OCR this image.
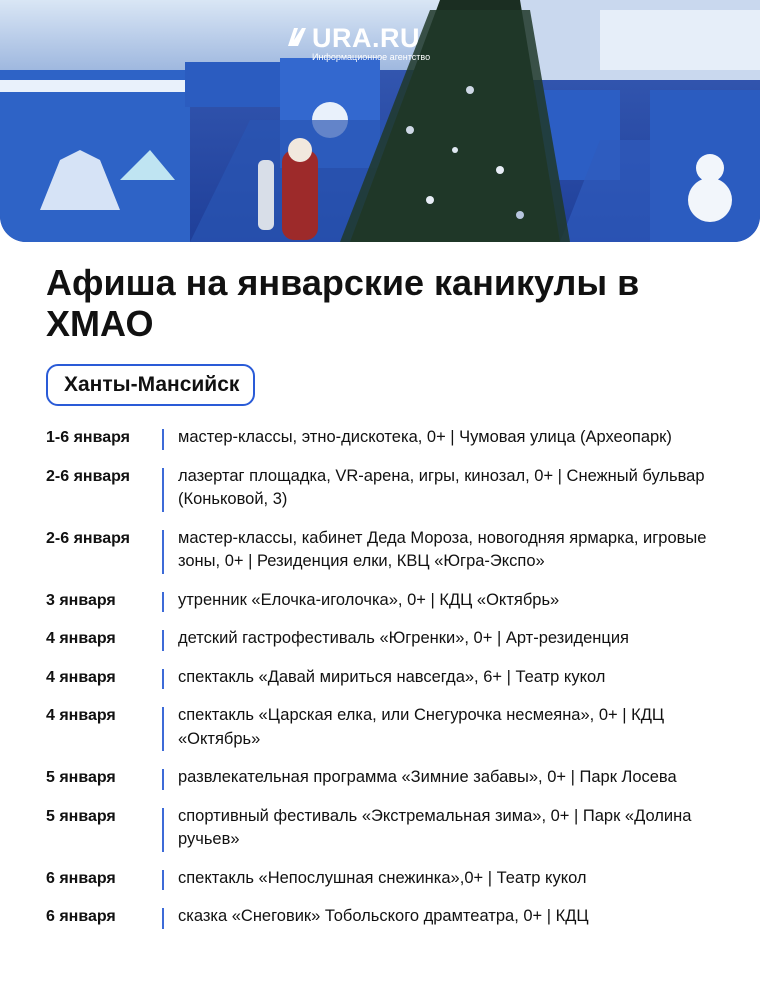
URA.RU
Информационное агентство
Афиша на январские каникулы в ХМАО
Ханты-Мансийск
1-6 января	мастер-классы, этно-дискотека, 0+ | Чумовая улица (Археопарк)
2-6 января	лазертаг площадка, VR-арена, игры, кинозал, 0+ | Снежный бульвар (Коньковой, 3)
2-6 января	мастер-классы, кабинет Деда Мороза, новогодняя ярмарка, игровые зоны, 0+ | Резиденция елки, КВЦ «Югра-Экспо»
3 января	утренник «Елочка-иголочка», 0+ | КДЦ «Октябрь»
4 января	детский гастрофестиваль «Югренки», 0+ | Арт-резиденция
4 января	спектакль «Давай мириться навсегда», 6+ | Театр кукол
4 января	спектакль «Царская елка, или Снегурочка несмеяна», 0+ | КДЦ «Октябрь»
5 января	развлекательная программа «Зимние забавы», 0+ | Парк Лосева
5 января	спортивный фестиваль «Экстремальная зима», 0+ | Парк «Долина ручьев»
6 января	спектакль «Непослушная снежинка»,0+ | Театр кукол
6 января	сказка «Снеговик» Тобольского драмтеатра, 0+ | КДЦ
